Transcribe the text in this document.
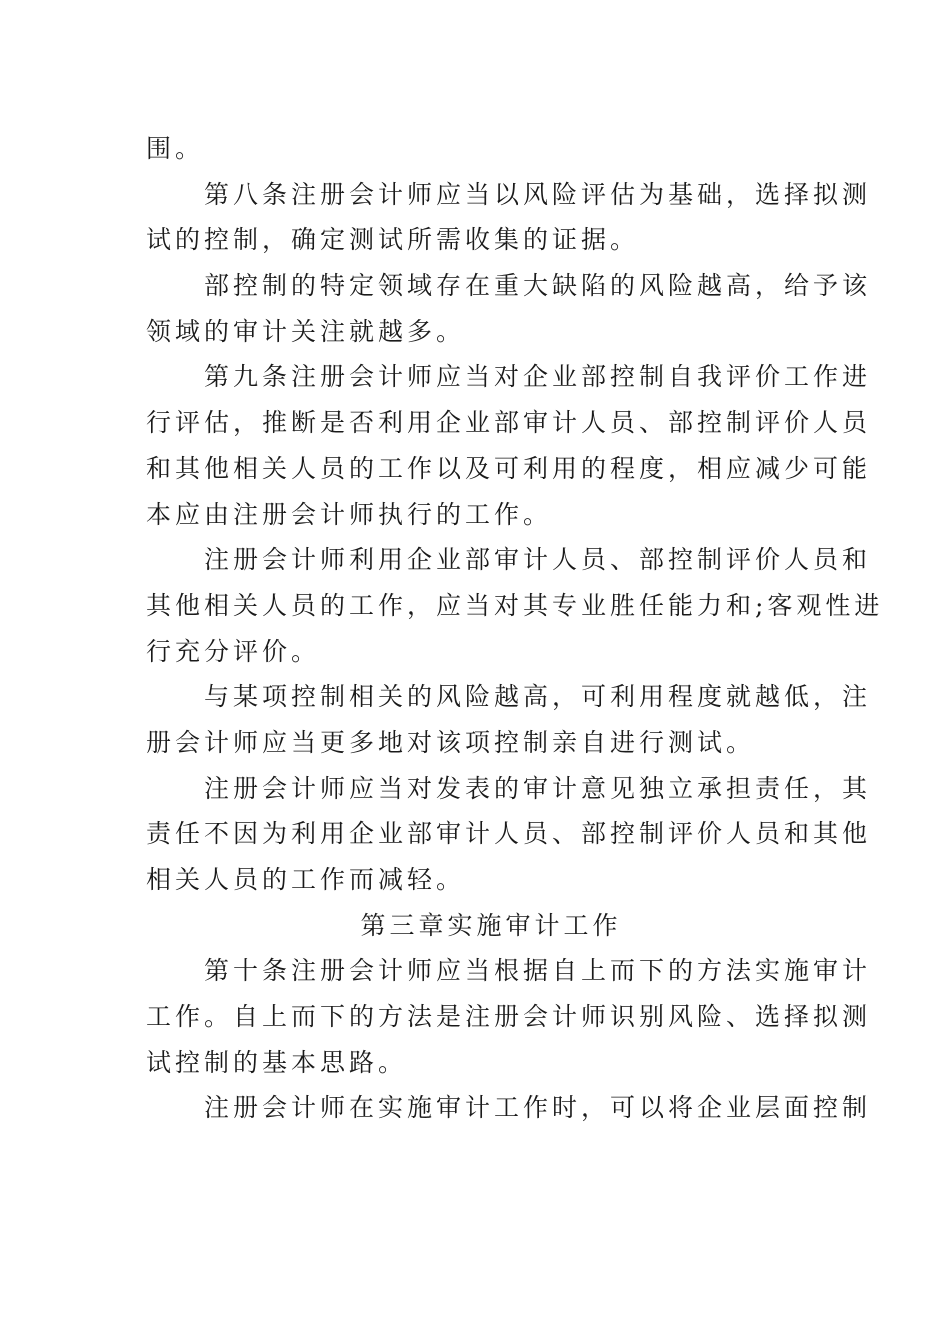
围。
第八条注册会计师应当以风险评估为基础，选择拟测
试的控制，确定测试所需收集的证据。
部控制的特定领域存在重大缺陷的风险越高，给予该
领域的审计关注就越多。
第九条注册会计师应当对企业部控制自我评价工作进
行评估，推断是否利用企业部审计人员、部控制评价人员
和其他相关人员的工作以及可利用的程度，相应减少可能
本应由注册会计师执行的工作。
注册会计师利用企业部审计人员、部控制评价人员和
其他相关人员的工作，应当对其专业胜任能力和;客观性进
行充分评价。
与某项控制相关的风险越高，可利用程度就越低，注
册会计师应当更多地对该项控制亲自进行测试。
注册会计师应当对发表的审计意见独立承担责任，其
责任不因为利用企业部审计人员、部控制评价人员和其他
相关人员的工作而减轻。
第三章实施审计工作
第十条注册会计师应当根据自上而下的方法实施审计
工作。自上而下的方法是注册会计师识别风险、选择拟测
试控制的基本思路。
注册会计师在实施审计工作时，可以将企业层面控制
